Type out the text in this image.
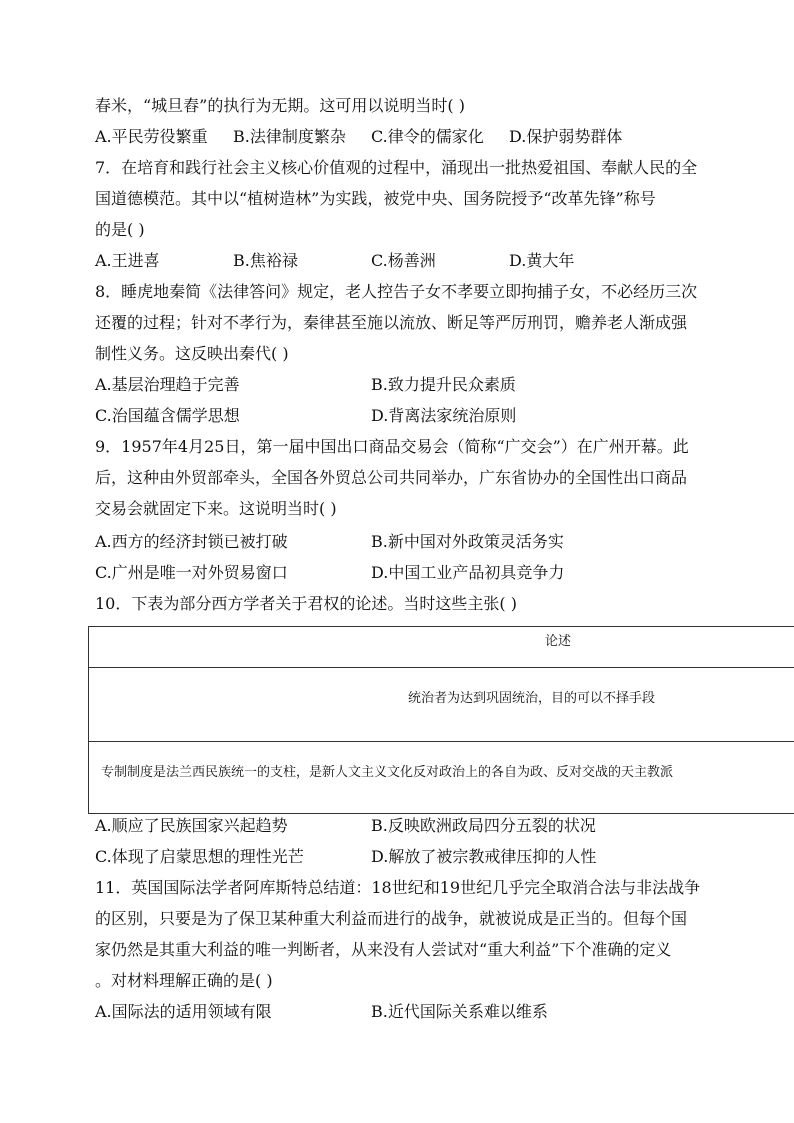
春米，“城旦舂”的执行为无期。这可用以说明当时( )
A.平民劳役繁重 B.法律制度繁杂 C.律令的儒家化 D.保护弱势群体
7．在培育和践行社会主义核心价值观的过程中，涌现出一批热爱祖国、奉献人民的全
国道德模范。其中以“植树造林”为实践，被党中央、国务院授予“改革先锋”称号
的是( )
A.王进喜	B.焦裕禄	C.杨善洲	D.黄大年
8．睡虎地秦简《法律答问》规定，老人控告子女不孝要立即拘捕子女，不必经历三次
还覆的过程；针对不孝行为，秦律甚至施以流放、断足等严厉刑罚，赡养老人渐成强
制性义务。这反映出秦代( )
A.基层治理趋于完善	B.致力提升民众素质
C.治国蕴含儒学思想	D.背离法家统治原则
9．1957年4月25日，第一届中国出口商品交易会（简称“广交会”）在广州开幕。此
后，这种由外贸部牵头，全国各外贸总公司共同举办，广东省协办的全国性出口商品
交易会就固定下来。这说明当时( )
A.西方的经济封锁已被打破	B.新中国对外政策灵活务实
C.广州是唯一对外贸易窗口	D.中国工业产品初具竞争力
10．下表为部分西方学者关于君权的论述。当时这些主张( )
论述
统治者为达到巩固统治，目的可以不择手段
专制制度是法兰西民族统一的支柱，是新人文主义文化反对政治上的各自为政、反对交战的天主教派
A.顺应了民族国家兴起趋势	B.反映欧洲政局四分五裂的状况
C.体现了启蒙思想的理性光芒	D.解放了被宗教戒律压抑的人性
11．英国国际法学者阿库斯特总结道：18世纪和19世纪几乎完全取消合法与非法战争
的区别，只要是为了保卫某种重大利益而进行的战争，就被说成是正当的。但每个国
家仍然是其重大利益的唯一判断者，从来没有人尝试对“重大利益”下个准确的定义
。对材料理解正确的是( )
A.国际法的适用领域有限	B.近代国际关系难以维系
